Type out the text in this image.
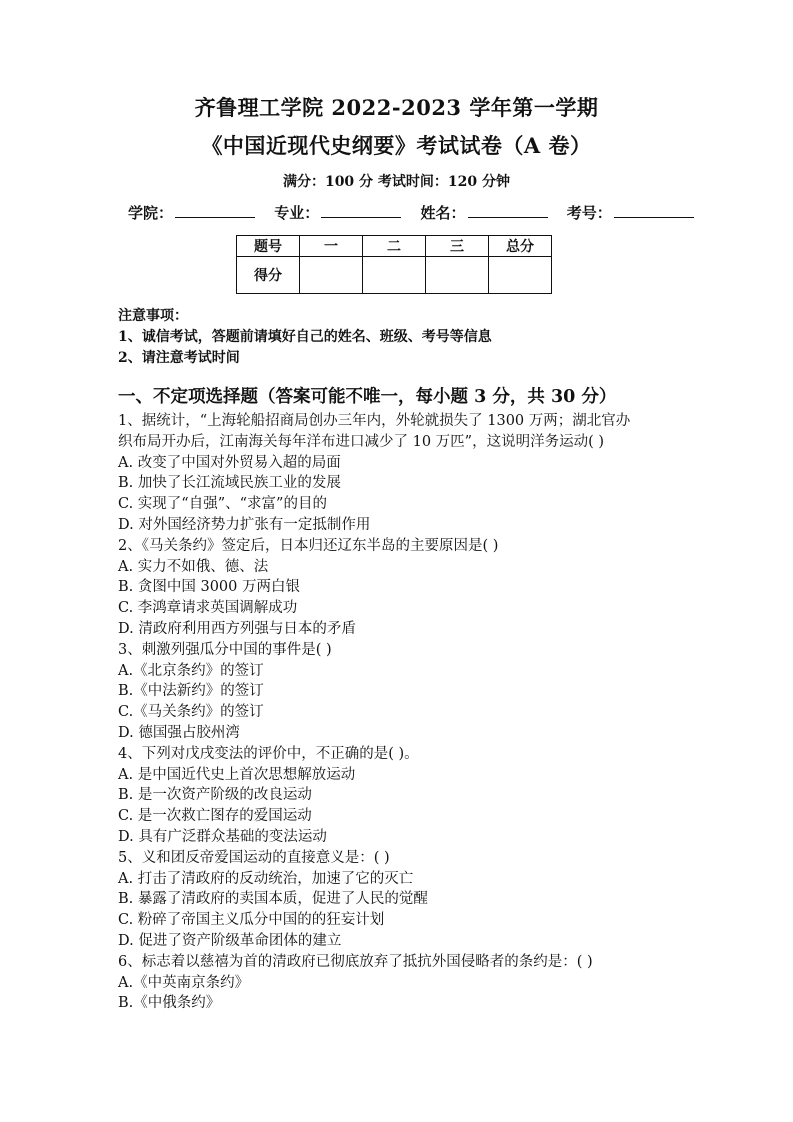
齐鲁理工学院 2022-2023 学年第一学期
《中国近现代史纲要》考试试卷（A 卷）
满分：100 分 考试时间：120 分钟
学院：	专业：	姓名：	考号：
题号	一	二	三	总分
得分				
注意事项：
1、诚信考试，答题前请填好自己的姓名、班级、考号等信息
2、请注意考试时间
一、不定项选择题（答案可能不唯一，每小题 3 分，共 30 分）
1、据统计，“上海轮船招商局创办三年内，外轮就损失了 1300 万两；湖北官办
织布局开办后，江南海关每年洋布进口减少了 10 万匹”，这说明洋务运动( )
A. 改变了中国对外贸易入超的局面
B. 加快了长江流域民族工业的发展
C. 实现了“自强”、“求富”的目的
D. 对外国经济势力扩张有一定抵制作用
2、《马关条约》签定后，日本归还辽东半岛的主要原因是( )
A. 实力不如俄、德、法
B. 贪图中国 3000 万两白银
C. 李鸿章请求英国调解成功
D. 清政府利用西方列强与日本的矛盾
3、刺激列强瓜分中国的事件是( )
A.《北京条约》的签订
B.《中法新约》的签订
C.《马关条约》的签订
D. 德国强占胶州湾
4、下列对戊戌变法的评价中，不正确的是( )。
A. 是中国近代史上首次思想解放运动
B. 是一次资产阶级的改良运动
C. 是一次救亡图存的爱国运动
D. 具有广泛群众基础的变法运动
5、义和团反帝爱国运动的直接意义是：( )
A. 打击了清政府的反动统治，加速了它的灭亡
B. 暴露了清政府的卖国本质，促进了人民的觉醒
C. 粉碎了帝国主义瓜分中国的的狂妄计划
D. 促进了资产阶级革命团体的建立
6、标志着以慈禧为首的清政府已彻底放弃了抵抗外国侵略者的条约是：( )
A.《中英南京条约》
B.《中俄条约》
